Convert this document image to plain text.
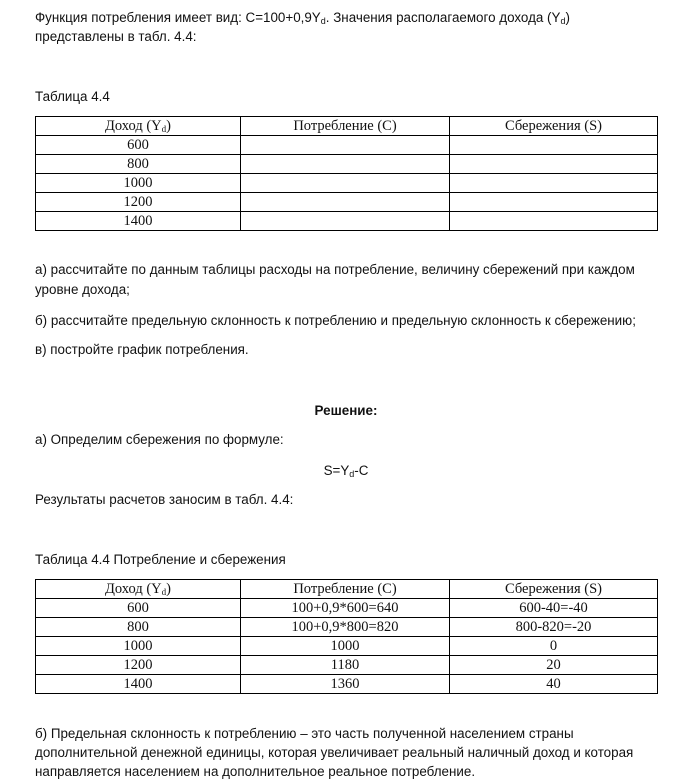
Функция потребления имеет вид: $C=100+0,9Y_d$. Значения располагаемого дохода $(Y_d)$

представлены в табл. 4.4:

Таблица 4.4

Доход $(Y_d)$	Потребление (C)	Сбережения (S)
600		
800		
1000		
1200		
1400		

а) рассчитайте по данным таблицы расходы на потребление, величину сбережений при каждом

уровне дохода;

б) рассчитайте предельную склонность к потреблению и предельную склонность к сбережению;

в) постройте график потребления.

Решение:

а) Определим сбережения по формуле:

$S=Y_d-C$

Результаты расчетов заносим в табл. 4.4:

Таблица 4.4 Потребление и сбережения

Доход $(Y_d)$	Потребление (C)	Сбережения (S)
600	100+0,9*600=640	600-40=-40
800	100+0,9*800=820	800-820=-20
1000	1000	0
1200	1180	20
1400	1360	40

б) Предельная склонность к потреблению – это часть полученной населением страны

дополнительной денежной единицы, которая увеличивает реальный наличный доход и которая

направляется населением на дополнительное реальное потребление.
